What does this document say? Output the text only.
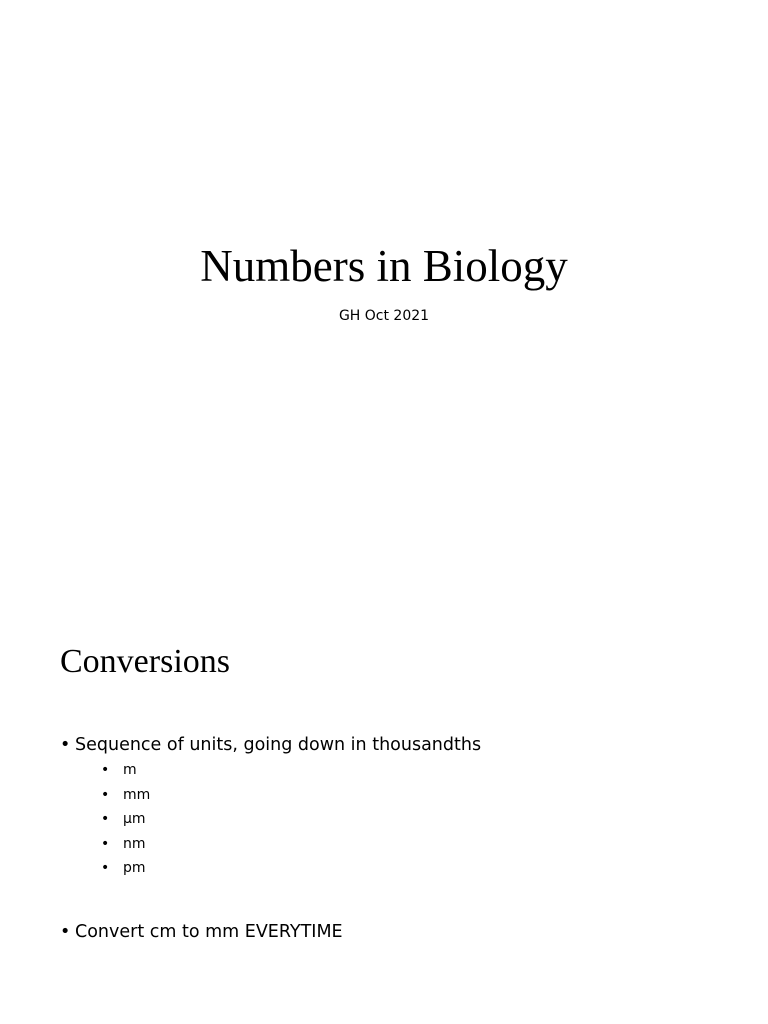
Numbers in Biology
GH Oct 2021
Conversions
• Sequence of units, going down in thousandths
• m
• mm
• µm
• nm
• pm
• Convert cm to mm EVERYTIME
